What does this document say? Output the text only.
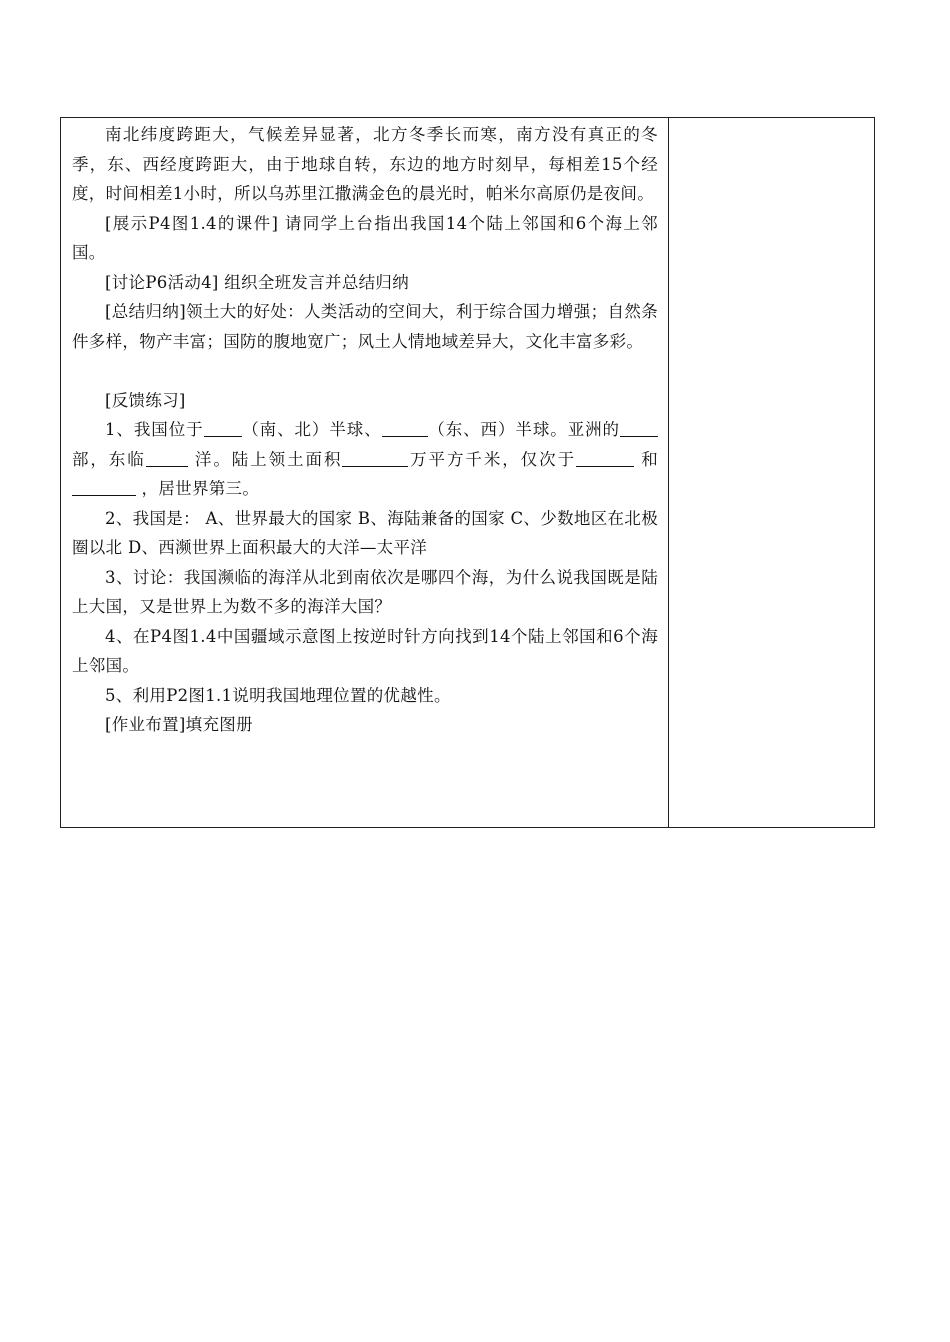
南北纬度跨距大，气候差异显著，北方冬季长而寒，南方没有真正的冬季，东、西经度跨距大，由于地球自转，东边的地方时刻早，每相差15个经度，时间相差1小时，所以乌苏里江撒满金色的晨光时，帕米尔高原仍是夜间。

[展示P4图1.4的课件] 请同学上台指出我国14个陆上邻国和6个海上邻国。

[讨论P6活动4] 组织全班发言并总结归纳

[总结归纳]领土大的好处：人类活动的空间大，利于综合国力增强；自然条件多样，物产丰富；国防的腹地宽广；风土人情地域差异大，文化丰富多彩。

[反馈练习]

1、我国位于 （南、北）半球、	（东、西）半球。亚洲的 部，东临	洋。陆上领土面积	万平方千米，仅次于	和  ，居世界第三。

2、我国是： A、世界最大的国家 B、海陆兼备的国家 C、少数地区在北极圈以北 D、西濒世界上面积最大的大洋—太平洋

3、讨论：我国濒临的海洋从北到南依次是哪四个海，为什么说我国既是陆上大国，又是世界上为数不多的海洋大国？

4、在P4图1.4中国疆域示意图上按逆时针方向找到14个陆上邻国和6个海上邻国。

5、利用P2图1.1说明我国地理位置的优越性。

[作业布置]填充图册
